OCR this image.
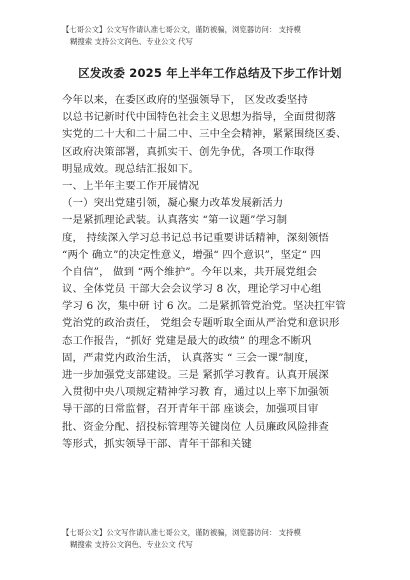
【七哥公文】公文写作请认准七哥公文，谨防被骗，浏览器访问： 支持模
糊搜索 支持公文润色、专业公文 代写
区发改委 2025 年上半年工作总结及下步工作计划
今年以来，在委区政府的坚强领导下， 区发改委坚持
以总书记新时代中国特色社会主义思想为指导，全面贯彻落
实党的二十大和二十届二中、三中全会精神，紧紧围绕区委、
区政府决策部署，真抓实干、创先争优，各项工作取得
明显成效。现总结汇报如下。
一、上半年主要工作开展情况
（一）突出党建引领，凝心聚力改革发展新活力
一是紧抓理论武装。认真落实 “第一议题”学习制
度， 持续深入学习总书记总书记重要讲话精神，深刻领悟
“两个 确立”的决定性意义，增强“ 四个意识”，坚定“ 四
个自信”， 做到 “两个维护”。今年以来，共开展党组会
议、全体党员 干部大会会议学习 8 次，理论学习中心组
学习 6 次，集中研 讨 6 次。二是紧抓管党治党。坚决扛牢管
党治党的政治责任， 党组会专题听取全面从严治党和意识形
态工作报告，“抓好 党建是最大的政绩” 的理念不断巩
固，严肃党内政治生活， 认真落实 “ 三会一课”制度，
进一步加强党支部建设。三是 紧抓学习教育。认真开展深
入贯彻中央八项规定精神学习教 育，通过以上率下加强领
导干部的日常监督，召开青年干部 座谈会，加强项目审
批、资金分配、招投标管理等关键岗位 人员廉政风险排查
等形式，抓实领导干部、青年干部和关键
【七哥公文】公文写作请认准七哥公文，谨防被骗，浏览器访问： 支持模
糊搜索 支持公文润色、专业公文 代写
